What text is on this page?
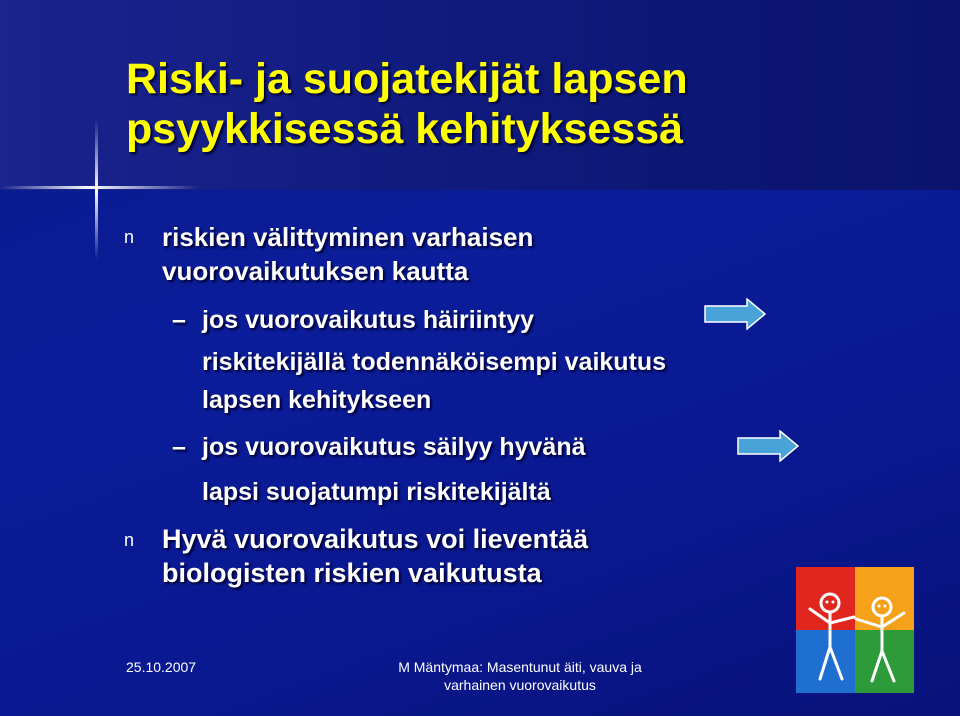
Riski- ja suojatekijät lapsen
psyykkisessä kehityksessä
n riskien välittyminen varhaisen
vuorovaikutuksen kautta
– jos vuorovaikutus häiriintyy
riskitekijällä todennäköisempi vaikutus
lapsen kehitykseen
– jos vuorovaikutus säilyy hyvänä
lapsi suojatumpi riskitekijältä
n Hyvä vuorovaikutus voi lieventää
biologisten riskien vaikutusta
25.10.2007	M Mäntymaa: Masentunut äiti, vauva ja
varhainen vuorovaikutus
